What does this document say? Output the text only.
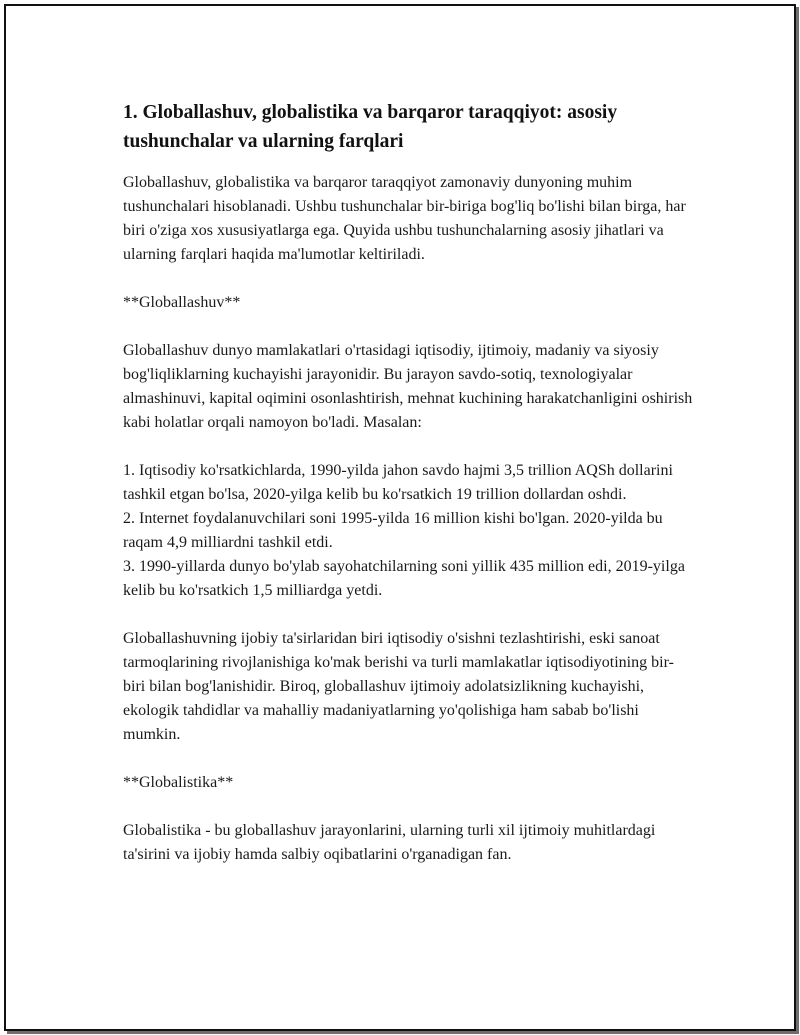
1. Globallashuv, globalistika va barqaror taraqqiyot: asosiy tushunchalar va ularning farqlari

Globallashuv, globalistika va barqaror taraqqiyot zamonaviy dunyoning muhim tushunchalari hisoblanadi. Ushbu tushunchalar bir-biriga bog'liq bo'lishi bilan birga, har biri o'ziga xos xususiyatlarga ega. Quyida ushbu tushunchalarning asosiy jihatlari va ularning farqlari haqida ma'lumotlar keltiriladi.

**Globallashuv**

Globallashuv dunyo mamlakatlari o'rtasidagi iqtisodiy, ijtimoiy, madaniy va siyosiy bog'liqliklarning kuchayishi jarayonidir. Bu jarayon savdo-sotiq, texnologiyalar almashinuvi, kapital oqimini osonlashtirish, mehnat kuchining harakatchanligini oshirish kabi holatlar orqali namoyon bo'ladi. Masalan:

1. Iqtisodiy ko'rsatkichlarda, 1990-yilda jahon savdo hajmi 3,5 trillion AQSh dollarini tashkil etgan bo'lsa, 2020-yilga kelib bu ko'rsatkich 19 trillion dollardan oshdi.

2. Internet foydalanuvchilari soni 1995-yilda 16 million kishi bo'lgan. 2020-yilda bu raqam 4,9 milliardni tashkil etdi.

3. 1990-yillarda dunyo bo'ylab sayohatchilarning soni yillik 435 million edi, 2019-yilga kelib bu ko'rsatkich 1,5 milliardga yetdi.

Globallashuvning ijobiy ta'sirlaridan biri iqtisodiy o'sishni tezlashtirishi, eski sanoat tarmoqlarining rivojlanishiga ko'mak berishi va turli mamlakatlar iqtisodiyotining bir-biri bilan bog'lanishidir. Biroq, globallashuv ijtimoiy adolatsizlikning kuchayishi, ekologik tahdidlar va mahalliy madaniyatlarning yo'qolishiga ham sabab bo'lishi mumkin.

**Globalistika**

Globalistika - bu globallashuv jarayonlarini, ularning turli xil ijtimoiy muhitlardagi ta'sirini va ijobiy hamda salbiy oqibatlarini o'rganadigan fan.
